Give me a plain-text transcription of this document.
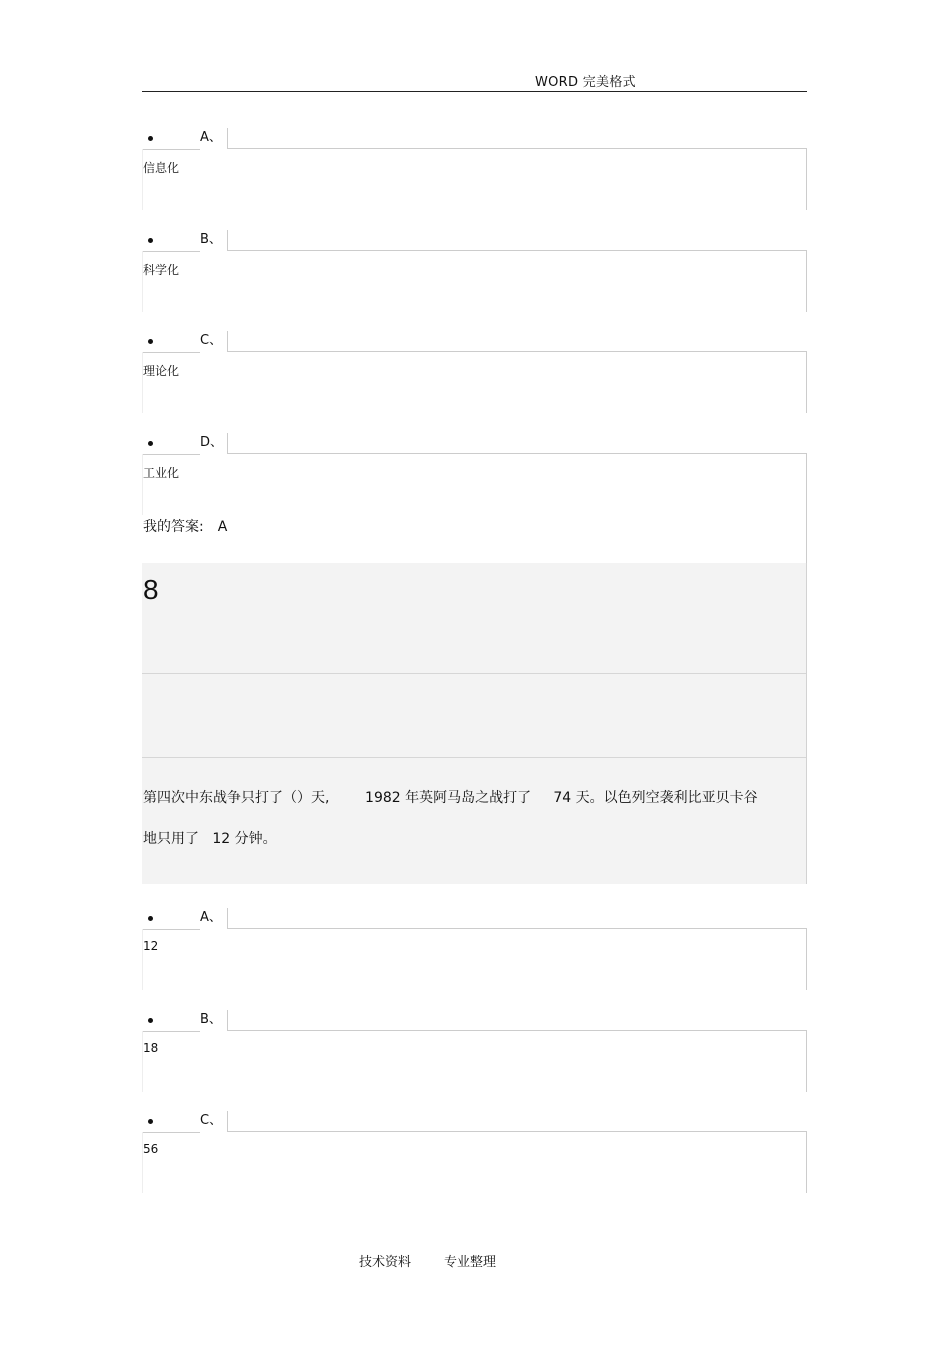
WORD 完美格式
A、
信息化
B、
科学化
C、
理论化
D、
工业化
我的答案: A
8
第四次中东战争只打了（）天,        1982 年英阿马岛之战打了     74 天。以色列空袭利比亚贝卡谷
地只用了   12 分钟。
A、
12
B、
18
C、
56
技术资料        专业整理
